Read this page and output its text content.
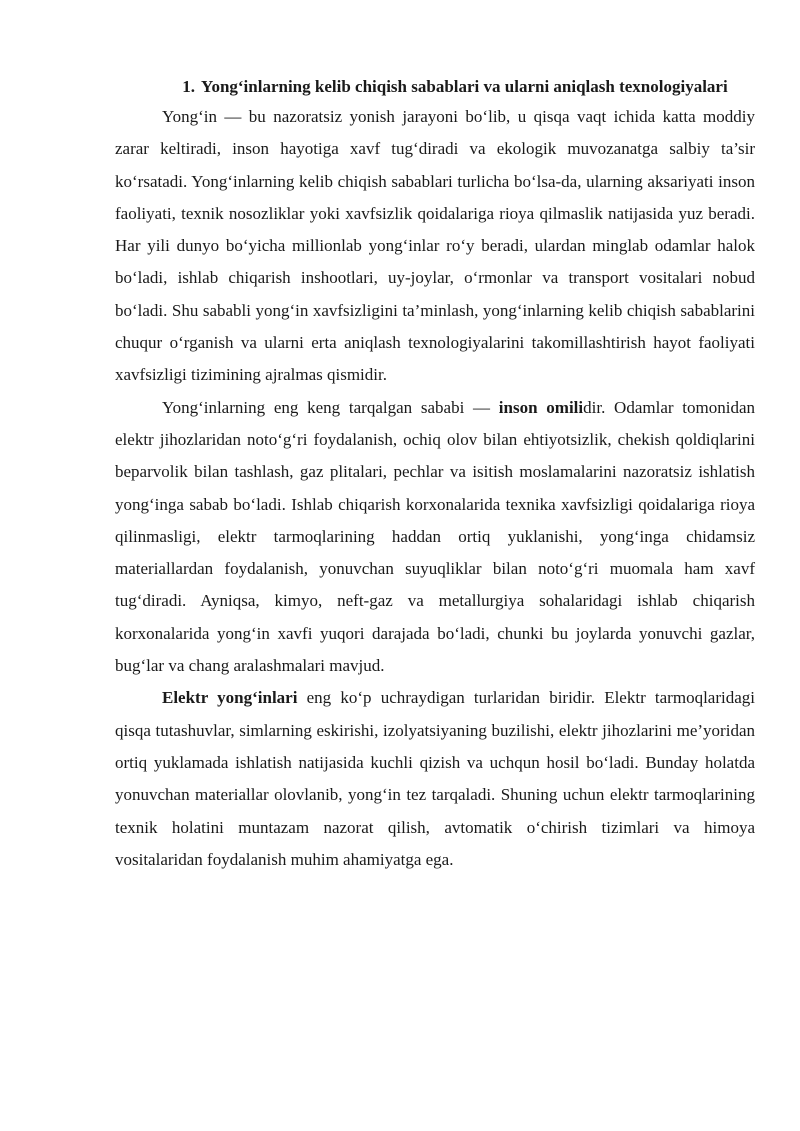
1. Yong‘inlarning kelib chiqish sabablari va ularni aniqlash texnologiyalari

Yong‘in — bu nazoratsiz yonish jarayoni bo‘lib, u qisqa vaqt ichida katta moddiy zarar keltiradi, inson hayotiga xavf tug‘diradi va ekologik muvozanatga salbiy ta’sir ko‘rsatadi. Yong‘inlarning kelib chiqish sabablari turlicha bo‘lsa-da, ularning aksariyati inson faoliyati, texnik nosozliklar yoki xavfsizlik qoidalariga rioya qilmaslik natijasida yuz beradi. Har yili dunyo bo‘yicha millionlab yong‘inlar ro‘y beradi, ulardan minglab odamlar halok bo‘ladi, ishlab chiqarish inshootlari, uy-joylar, o‘rmonlar va transport vositalari nobud bo‘ladi. Shu sababli yong‘in xavfsizligini ta’minlash, yong‘inlarning kelib chiqish sabablarini chuqur o‘rganish va ularni erta aniqlash texnologiyalarini takomillashtirish hayot faoliyati xavfsizligi tizimining ajralmas qismidir.

Yong‘inlarning eng keng tarqalgan sababi — inson omilidir. Odamlar tomonidan elektr jihozlaridan noto‘g‘ri foydalanish, ochiq olov bilan ehtiyotsizlik, chekish qoldiqlarini beparvolik bilan tashlash, gaz plitalari, pechlar va isitish moslamalarini nazoratsiz ishlatish yong‘inga sabab bo‘ladi. Ishlab chiqarish korxonalarida texnika xavfsizligi qoidalariga rioya qilinmasligi, elektr tarmoqlarining haddan ortiq yuklanishi, yong‘inga chidamsiz materiallardan foydalanish, yonuvchan suyuqliklar bilan noto‘g‘ri muomala ham xavf tug‘diradi. Ayniqsa, kimyo, neft-gaz va metallurgiya sohalaridagi ishlab chiqarish korxonalarida yong‘in xavfi yuqori darajada bo‘ladi, chunki bu joylarda yonuvchi gazlar, bug‘lar va chang aralashmalari mavjud.

Elektr yong‘inlari eng ko‘p uchraydigan turlaridan biridir. Elektr tarmoqlaridagi qisqa tutashuvlar, simlarning eskirishi, izolyatsiyaning buzilishi, elektr jihozlarini me’yoridan ortiq yuklamada ishlatish natijasida kuchli qizish va uchqun hosil bo‘ladi. Bunday holatda yonuvchan materiallar olovlanib, yong‘in tez tarqaladi. Shuning uchun elektr tarmoqlarining texnik holatini muntazam nazorat qilish, avtomatik o‘chirish tizimlari va himoya vositalaridan foydalanish muhim ahamiyatga ega.
